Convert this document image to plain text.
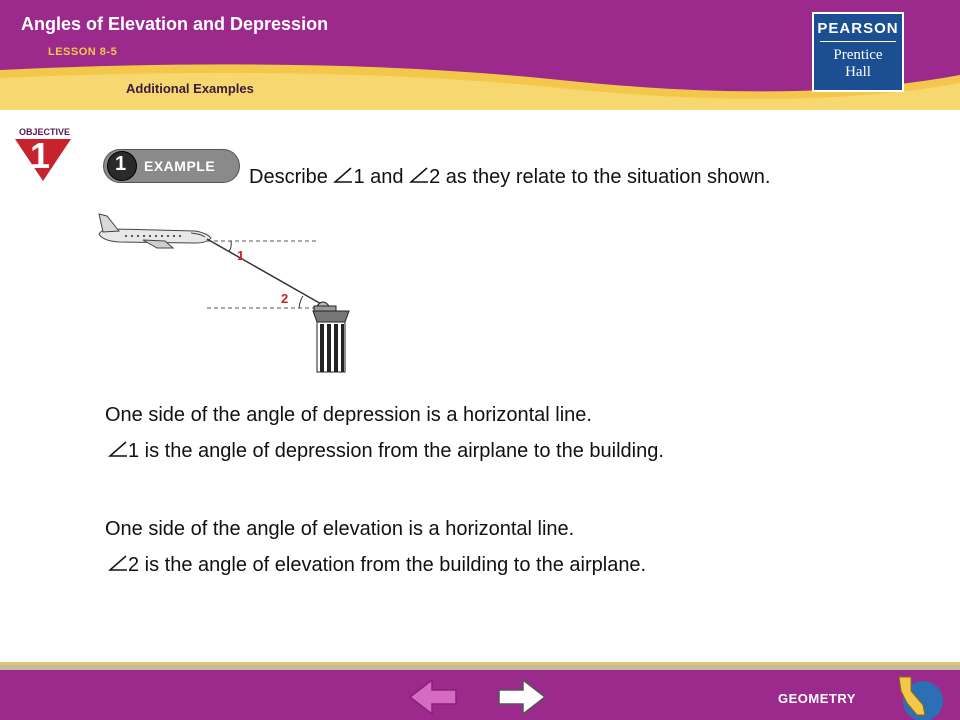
Angles of Elevation and Depression
LESSON 8-5
Additional Examples
PEARSON
Prentice
Hall
OBJECTIVE
1	1 EXAMPLE Describe 1 and 2 as they relate to the situation shown.
1
2
One side of the angle of depression is a horizontal line.
1 is the angle of depression from the airplane to the building.
One side of the angle of elevation is a horizontal line.
2 is the angle of elevation from the building to the airplane.
GEOMETRY
